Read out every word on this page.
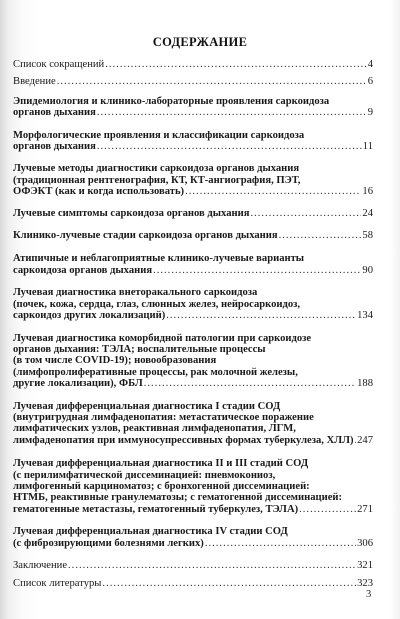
СОДЕРЖАНИЕ
Список сокращений .....	4
Введение .....	6
Эпидемиология и клинико-лабораторные проявления саркоидоза
органов дыхания .....	9
Морфологические проявления и классификации саркоидоза
органов дыхания .....	11
Лучевые методы диагностики саркоидоза органов дыхания
(традиционная рентгенография, КТ, КТ-ангиография, ПЭТ,
ОФЭКТ (как и когда использовать) .....	16
Лучевые симптомы саркоидоза органов дыхания .....	24
Клинико-лучевые стадии саркоидоза органов дыхания .....	58
Атипичные и неблагоприятные клинико-лучевые варианты
саркоидоза органов дыхания .....	90
Лучевая диагностика внеторакального саркоидоза
(почек, кожа, сердца, глаз, слюнных желез, нейросаркоидоз,
саркоидоз других локализаций) .....	134
Лучевая диагностика коморбидной патологии при саркоидозе
органов дыхания: ТЭЛА; воспалительные процессы
(в том числе COVID-19); новообразования
(лимфопролиферативные процессы, рак молочной железы,
другие локализации), ФБЛ .....	188
Лучевая дифференциальная диагностика I стадии СОД
(внутригрудная лимфаденопатия: метастатическое поражение
лимфатических узлов, реактивная лимфаденопатия, ЛГМ,
лимфаденопатия при иммуносупрессивных формах туберкулеза, ХЛЛ) ..... 247
Лучевая дифференциальная диагностика II и III стадий СОД
(с перилимфатической диссеминацией: пневмокониоз,
лимфогенный карциноматоз; с бронхогенной диссеминацией:
НТМБ, реактивные гранулематозы; с гематогенной диссеминацией:
гематогенные метастазы, гематогенный туберкулез, ТЭЛА) .....	271
Лучевая дифференциальная диагностика IV стадии СОД
(с фиброзирующими болезнями легких) .....	306
Заключение .....	321
Список литературы .....	323
3
